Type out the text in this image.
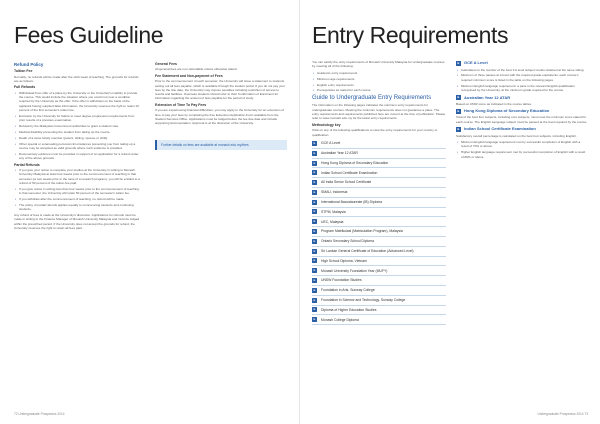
Fees Guideline
Refund Policy
Tuition Fee

Normally, no refunds will be made after the sixth week of teaching. The grounds for refunds are as follows:

Full Refunds
• Withdrawal from offer of a place by the University or the University's inability to provide the course. This would include the situation where you could not meet a condition required by the University as the offer. If the offer is withdrawn on the basis of the applicant having supplied false information, the University reserves the right to retain 10 percent of the first semester's tuition fee.
• Exclusion by the University for failure to meet degree progression requirements from prior results of a previous examination.
• Refusal by the Malaysian Government authorities to grant a student visa.
• Medical disability preventing the student from taking up the course.
• Death of a close family member (parent, sibling, spouse or child).
• Other special or extenuating personal circumstances preventing you from taking up a course may be accepted as valid grounds where such evidence is provided.
• Documentary evidence must be provided in support of an application for a refund under any of the above grounds.
Partial Refunds
• If you give your notice to complete your studies at the University in writing to Monash University Malaysia at least four weeks prior to the commencement of teaching in that semester (or two weeks prior in the case of a research program), you will be entitled to a refund of 50 percent of the tuition fee paid.
• If you give notice in writing less than four weeks prior to the commencement of teaching in that semester, the University will retain 50 percent of the semester's tuition fee.
• If you withdraw after the commencement of teaching, no refund will be made.
• The policy of partial refunds applies equally to commencing students and continuing students.

Any refund of fees is made at the University's discretion. Applications for refunds must be made in writing to the Finance Manager of Monash University Malaysia and must be lodged within the prescribed period. If the University does not accept the grounds for refund, the University reserves the right to retain all fees paid.

General Fees

All general fees are non-refundable unless otherwise stated.

Fee Statement and Non-payment of Fees

Prior to the commencement of each semester, the University will issue a statement to students setting out all fees payable, which is available through the student portal. If you do not pay your fees by the due date, the University may impose penalties including restriction of access to results and facilities. Overseas students should refer to their Confirmation of Enrolment for information regarding the amount of fees payable for the period of study.

Extension of Time To Pay Fees

If you are experiencing financial difficulties, you may apply to the University for an extension of time to pay your fees by completing the Fee Extension Application Form available from the Student Services Office. Applications must be lodged before the fee due date and include supporting documentation. Approval is at the discretion of the University.

Further details on fees are available at monash.edu.my/fees
72 Undergraduate Prospectus 2014
Entry Requirements

You can satisfy the entry requirements of Monash University Malaysia for undergraduate courses by meeting all of the following:

• Academic entry requirements
• Minimum age requirements
• English entry requirements
• Prerequisites as stated for each course
Guide to Undergraduate Entry Requirements

The information on the following pages indicates the minimum entry requirements for undergraduate courses. Meeting the minimum requirements does not guarantee a place. The entry requirements and requirements published here are current at the time of publication. Please refer to www.monash.edu.my for the latest entry requirements.

Methodology key

Click on any of the following qualifications to view the entry requirements for your country or qualification.

▸	GCE A Level
▸	Australian Year 12 ATAR
▸	Hong Kong Diploma of Secondary Education
▸	Indian School Certificate Examination
▸	All India Senior School Certificate
▸	SMAU, Indonesia
▸	International Baccalaureate (IB) Diploma
▸	STPM, Malaysia
▸	UEC, Malaysia
▸	Program Matrikulasi (Matriculation Program), Malaysia
▸	Ontario Secondary School Diploma
▸	Sri Lankan General Certificate of Education (Advanced Level)
▸	High School Diploma, Vietnam
▸	Monash University Foundation Year (MUFY)
▸	UNSW Foundation Studies
▸	Foundation in Arts, Sunway College
▸	Foundation in Science and Technology, Sunway College
▸	Diploma of Higher Education Studies
▸	Monash College Diploma
▸	GCE A Level
• Calculated on the number of the best 3 A level subject results obtained at the same sitting.
• Minimum of three passes at A level with the required grade equivalents; each course's required minimum score is listed in the table on the following pages.
• Minimum English language requirement: a pass in the relevant English qualification recognised by the University, at the minimum grade required for the course.
▸	Australian Year 12 ATAR

Based on ATAR score as indicated in the course tables.

▸	Hong Kong Diploma of Secondary Education

Total of the best four subjects, including core subjects, must meet the minimum score stated for each course. The English Language subject must be passed at the level required by the course.

▸	Indian School Certificate Examination

Satisfactory overall percentage is calculated on the best four subjects, including English.

• Minimum English language requirement met by successful completion of English with a result of 70% or above.
• Higher English language requirement met by successful completion of English with a result of 80% or above.
Undergraduate Prospectus 2014 73
